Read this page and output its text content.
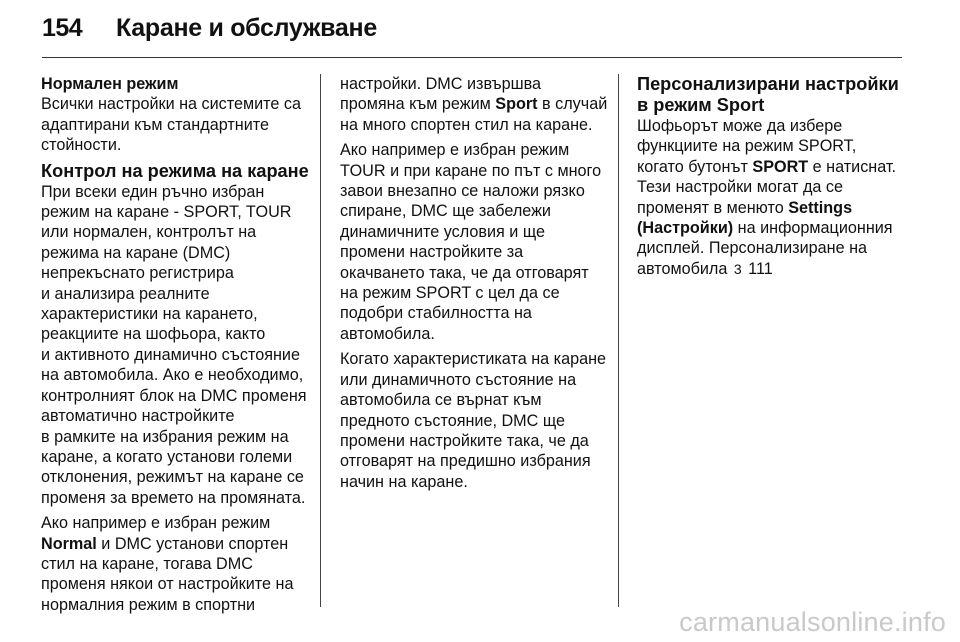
154 Каране и обслужване
Нормален режим
Всички настройки на системите са
адаптирани към стандартните
стойности.
Контрол на режима на каране
При всеки един ръчно избран
режим на каране - SPORT, TOUR
или нормален, контролът на
режима на каране (DMC)
непрекъснато регистрира
и анализира реалните
характеристики на карането,
реакциите на шофьора, както
и активното динамично състояние
на автомобила. Ако е необходимо,
контролният блок на DMC променя
автоматично настройките
в рамките на избрания режим на
каране, а когато установи големи
отклонения, режимът на каране се
променя за времето на промяната.
Ако например е избран режим
Normal и DMC установи спортен
стил на каране, тогава DMC
променя някои от настройките на
нормалния режим в спортни
настройки. DMC извършва
промяна към режим Sport в случай
на много спортен стил на каране.
Ако например е избран режим
TOUR и при каране по път с много
завои внезапно се наложи рязко
спиране, DMC ще забележи
динамичните условия и ще
промени настройките за
окачването така, че да отговарят
на режим SPORT с цел да се
подобри стабилността на
автомобила.
Когато характеристиката на каране
или динамичното състояние на
автомобила се върнат към
предното състояние, DMC ще
промени настройките така, че да
отговарят на предишно избрания
начин на каране.
Персонализирани настройки
в режим Sport
Шофьорът може да избере
функциите на режим SPORT,
когато бутонът SPORT е натиснат.
Тези настройки могат да се
променят в менюто Settings
(Настройки) на информационния
дисплей. Персонализиране на
автомобила 3 111
carmanualsonline.info
